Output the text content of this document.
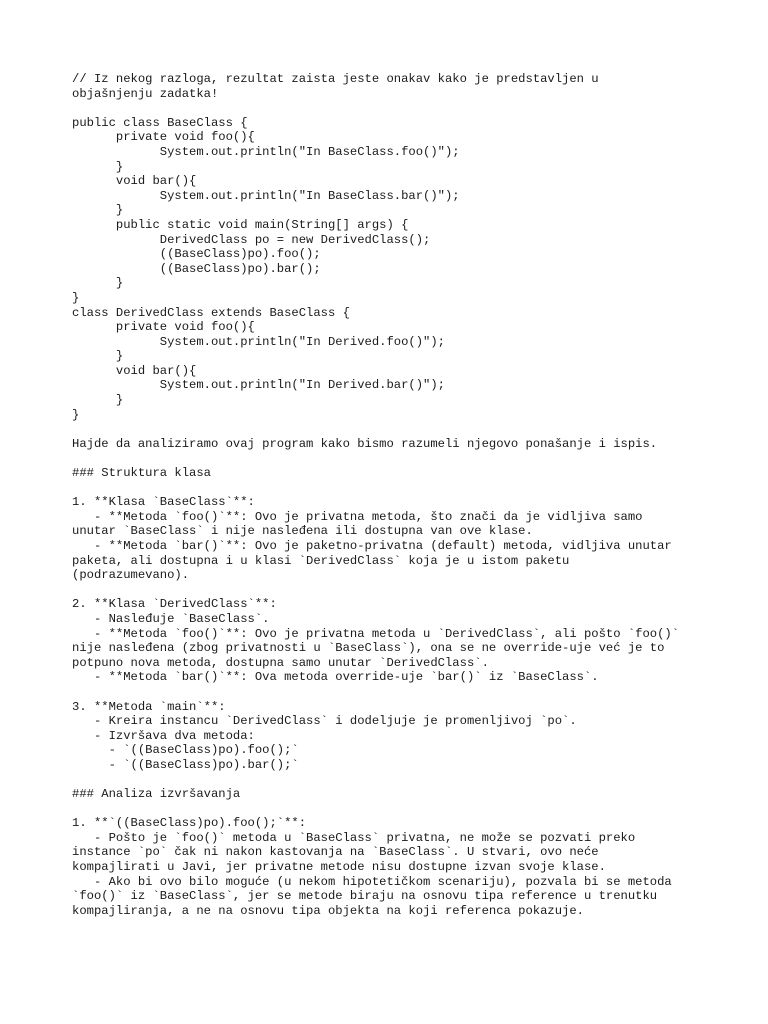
// Iz nekog razloga, rezultat zaista jeste onakav kako je predstavljen u
objašnjenju zadatka!
public class BaseClass {
private void foo(){
System.out.println("In BaseClass.foo()");
}
void bar(){
System.out.println("In BaseClass.bar()");
}
public static void main(String[] args) {
DerivedClass po = new DerivedClass();
((BaseClass)po).foo();
((BaseClass)po).bar();
}
}
class DerivedClass extends BaseClass {
private void foo(){
System.out.println("In Derived.foo()");
}
void bar(){
System.out.println("In Derived.bar()");
}
}
Hajde da analiziramo ovaj program kako bismo razumeli njegovo ponašanje i ispis.
### Struktura klasa
1. **Klasa `BaseClass`**:
- **Metoda `foo()`**: Ovo je privatna metoda, što znači da je vidljiva samo
unutar `BaseClass` i nije nasleđena ili dostupna van ove klase.
- **Metoda `bar()`**: Ovo je paketno-privatna (default) metoda, vidljiva unutar
paketa, ali dostupna i u klasi `DerivedClass` koja je u istom paketu
(podrazumevano).
2. **Klasa `DerivedClass`**:
- Nasleđuje `BaseClass`.
- **Metoda `foo()`**: Ovo je privatna metoda u `DerivedClass`, ali pošto `foo()`
nije nasleđena (zbog privatnosti u `BaseClass`), ona se ne override-uje već je to
potpuno nova metoda, dostupna samo unutar `DerivedClass`.
- **Metoda `bar()`**: Ova metoda override-uje `bar()` iz `BaseClass`.
3. **Metoda `main`**:
- Kreira instancu `DerivedClass` i dodeljuje je promenljivoj `po`.
- Izvršava dva metoda:
- `((BaseClass)po).foo();`
- `((BaseClass)po).bar();`
### Analiza izvršavanja
1. **`((BaseClass)po).foo();`**:
- Pošto je `foo()` metoda u `BaseClass` privatna, ne može se pozvati preko
instance `po` čak ni nakon kastovanja na `BaseClass`. U stvari, ovo neće
kompajlirati u Javi, jer privatne metode nisu dostupne izvan svoje klase.
- Ako bi ovo bilo moguće (u nekom hipotetičkom scenariju), pozvala bi se metoda
`foo()` iz `BaseClass`, jer se metode biraju na osnovu tipa reference u trenutku
kompajliranja, a ne na osnovu tipa objekta na koji referenca pokazuje.
